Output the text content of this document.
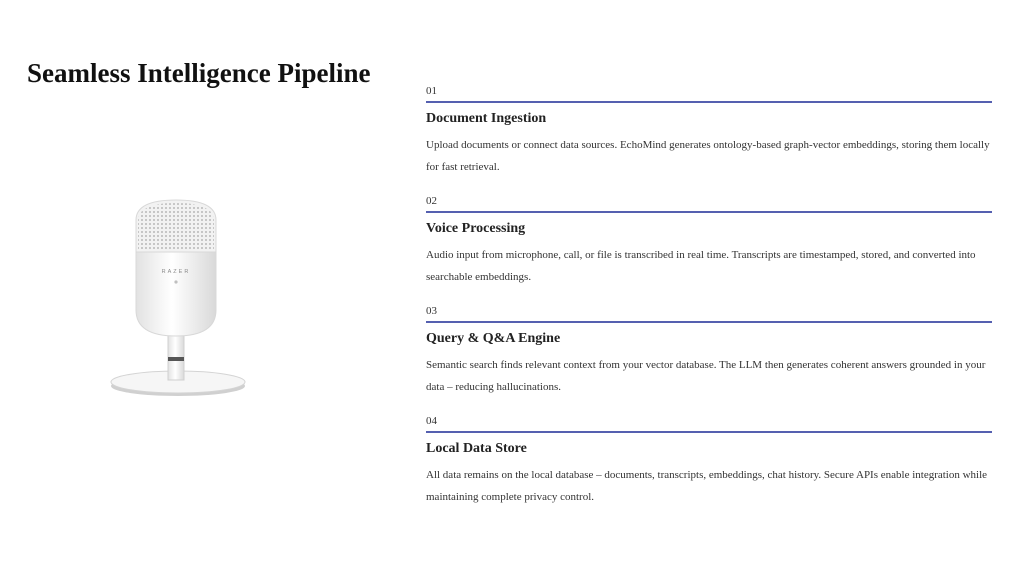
Seamless Intelligence Pipeline
RAZER
01
Document Ingestion
Upload documents or connect data sources. EchoMind generates ontology-based graph-vector embeddings, storing them locally for fast retrieval.
02
Voice Processing
Audio input from microphone, call, or file is transcribed in real time. Transcripts are timestamped, stored, and converted into searchable embeddings.
03
Query & Q&A Engine
Semantic search finds relevant context from your vector database. The LLM then generates coherent answers grounded in your data – reducing hallucinations.
04
Local Data Store
All data remains on the local database – documents, transcripts, embeddings, chat history. Secure APIs enable integration while maintaining complete privacy control.
